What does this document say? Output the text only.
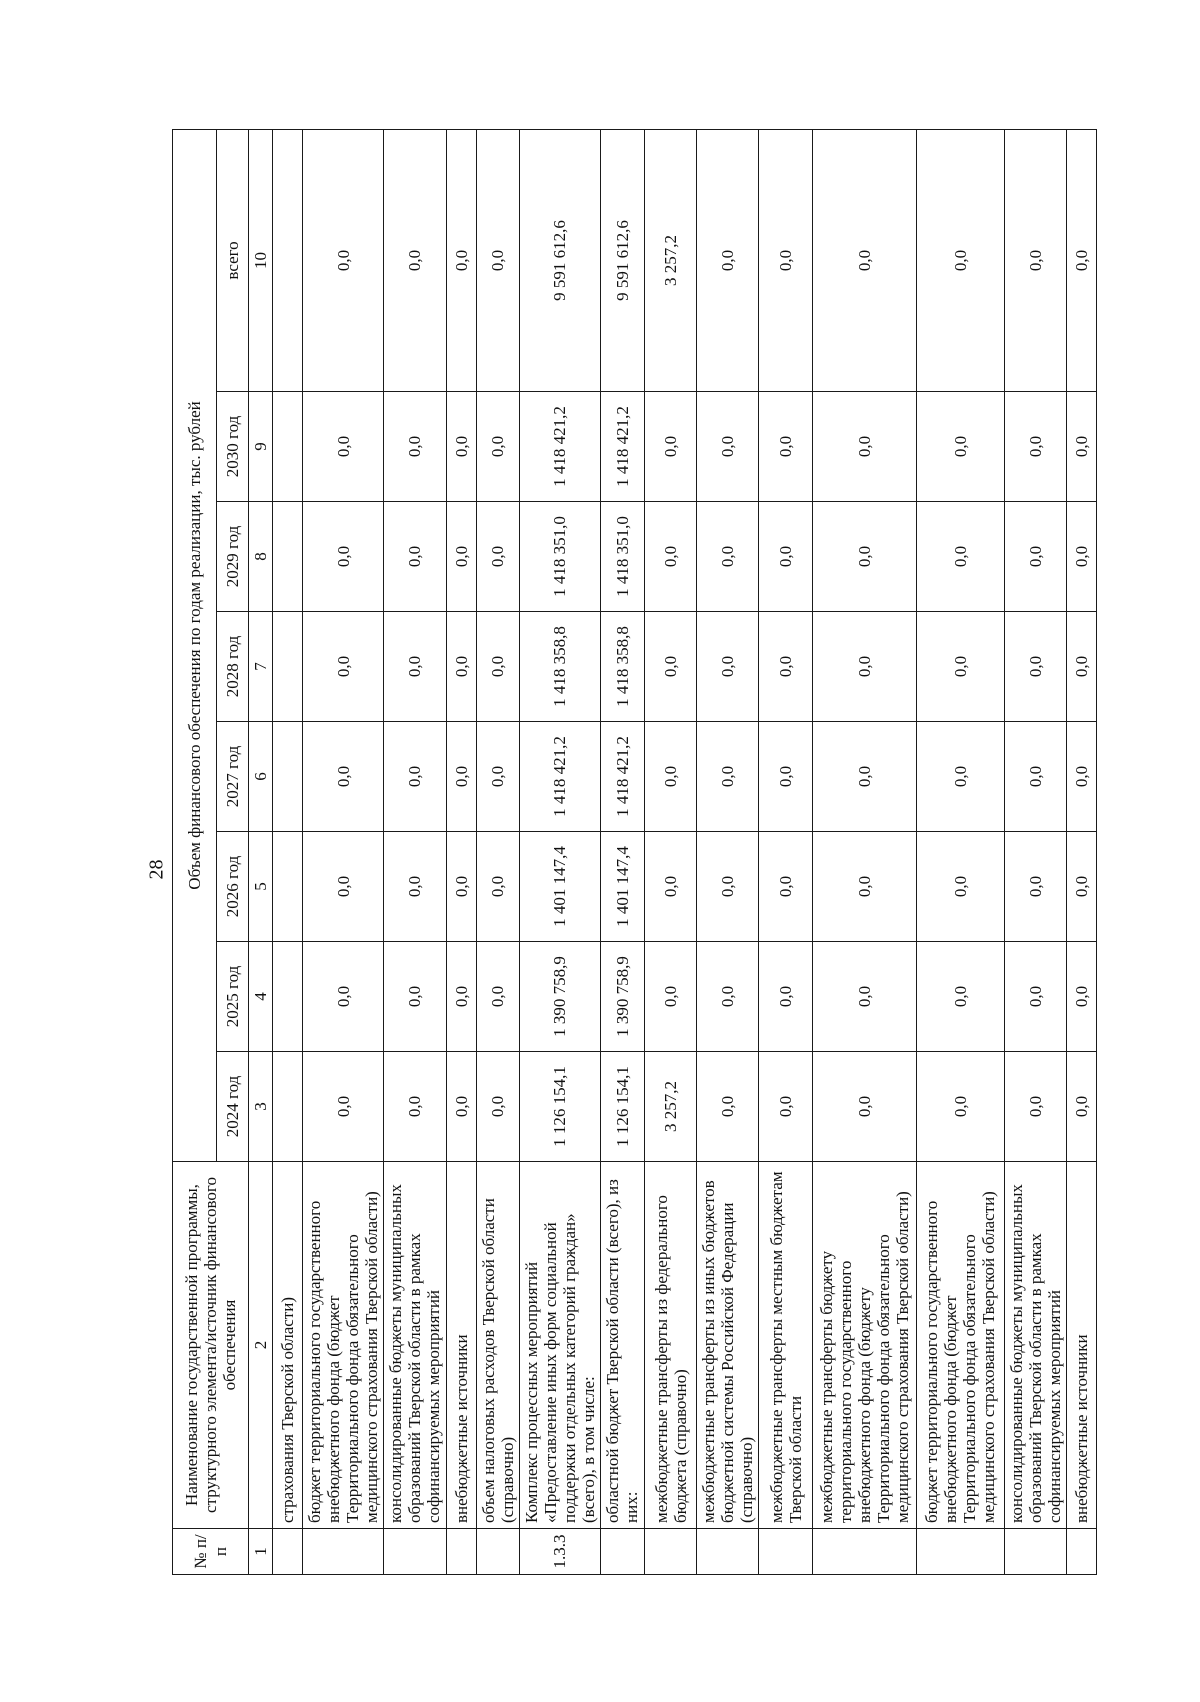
28
№ п/п	Наименование государственной программы, структурного элемента/источник финансового обеспечения	Объем финансового обеспечения по годам реализации, тыс. рублей							
		2024 год	2025 год	2026 год	2027 год	2028 год	2029 год	2030 год	всего
1	2	3	4	5	6	7	8	9	10
	страхования Тверской области)								
	бюджет территориального государственного внебюджетного фонда (бюджет Территориального фонда обязательного медицинского страхования Тверской области)	0,0	0,0	0,0	0,0	0,0	0,0	0,0	0,0
	консолидированные бюджеты муниципальных образований Тверской области в рамках софинансируемых мероприятий	0,0	0,0	0,0	0,0	0,0	0,0	0,0	0,0
	внебюджетные источники	0,0	0,0	0,0	0,0	0,0	0,0	0,0	0,0
	объем налоговых расходов Тверской области (справочно)	0,0	0,0	0,0	0,0	0,0	0,0	0,0	0,0
1.3.3	Комплекс процессных мероприятий «Предоставление иных форм социальной поддержки отдельных категорий граждан» (всего), в том числе:	1 126 154,1	1 390 758,9	1 401 147,4	1 418 421,2	1 418 358,8	1 418 351,0	1 418 421,2	9 591 612,6
	областной бюджет Тверской области (всего), из них:	1 126 154,1	1 390 758,9	1 401 147,4	1 418 421,2	1 418 358,8	1 418 351,0	1 418 421,2	9 591 612,6
	межбюджетные трансферты из федерального бюджета (справочно)	3 257,2	0,0	0,0	0,0	0,0	0,0	0,0	3 257,2
	межбюджетные трансферты из иных бюджетов бюджетной системы Российской Федерации (справочно)	0,0	0,0	0,0	0,0	0,0	0,0	0,0	0,0
	межбюджетные трансферты местным бюджетам Тверской области	0,0	0,0	0,0	0,0	0,0	0,0	0,0	0,0
	межбюджетные трансферты бюджету территориального государственного внебюджетного фонда (бюджету Территориального фонда обязательного медицинского страхования Тверской области)	0,0	0,0	0,0	0,0	0,0	0,0	0,0	0,0
	бюджет территориального государственного внебюджетного фонда (бюджет Территориального фонда обязательного медицинского страхования Тверской области)	0,0	0,0	0,0	0,0	0,0	0,0	0,0	0,0
	консолидированные бюджеты муниципальных образований Тверской области в рамках софинансируемых мероприятий	0,0	0,0	0,0	0,0	0,0	0,0	0,0	0,0
	внебюджетные источники	0,0	0,0	0,0	0,0	0,0	0,0	0,0	0,0
